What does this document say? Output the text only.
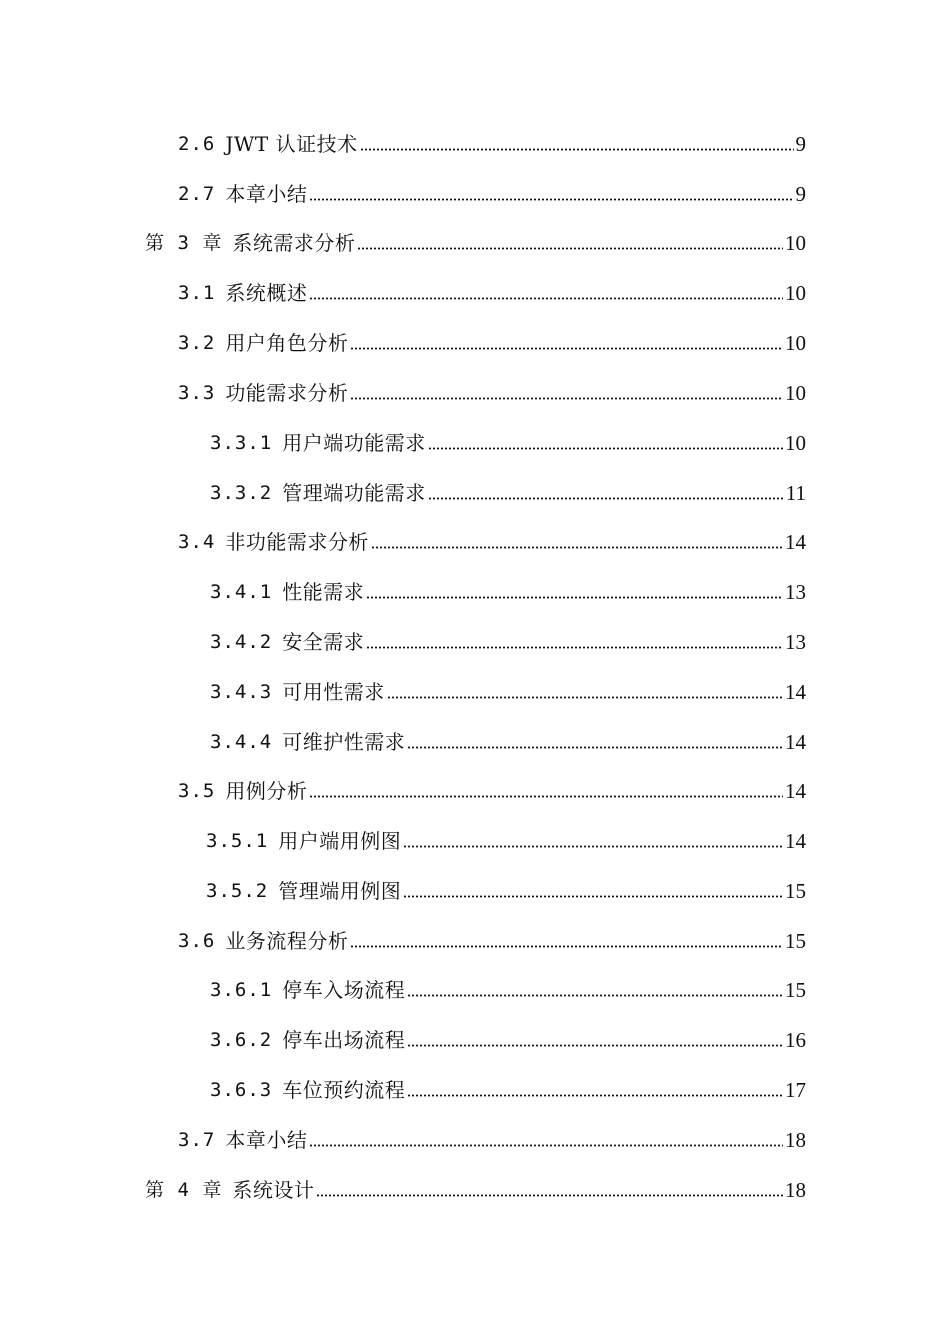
2.6 JWT 认证技术	9
2.7 本章小结	9
第 3 章 系统需求分析	10
3.1 系统概述	10
3.2 用户角色分析	10
3.3 功能需求分析	10
3.3.1 用户端功能需求	10
3.3.2 管理端功能需求	11
3.4 非功能需求分析	14
3.4.1 性能需求	13
3.4.2 安全需求	13
3.4.3 可用性需求	14
3.4.4 可维护性需求	14
3.5 用例分析	14
3.5.1 用户端用例图	14
3.5.2 管理端用例图	15
3.6 业务流程分析	15
3.6.1 停车入场流程	15
3.6.2 停车出场流程	16
3.6.3 车位预约流程	17
3.7 本章小结	18
第 4 章 系统设计	18
